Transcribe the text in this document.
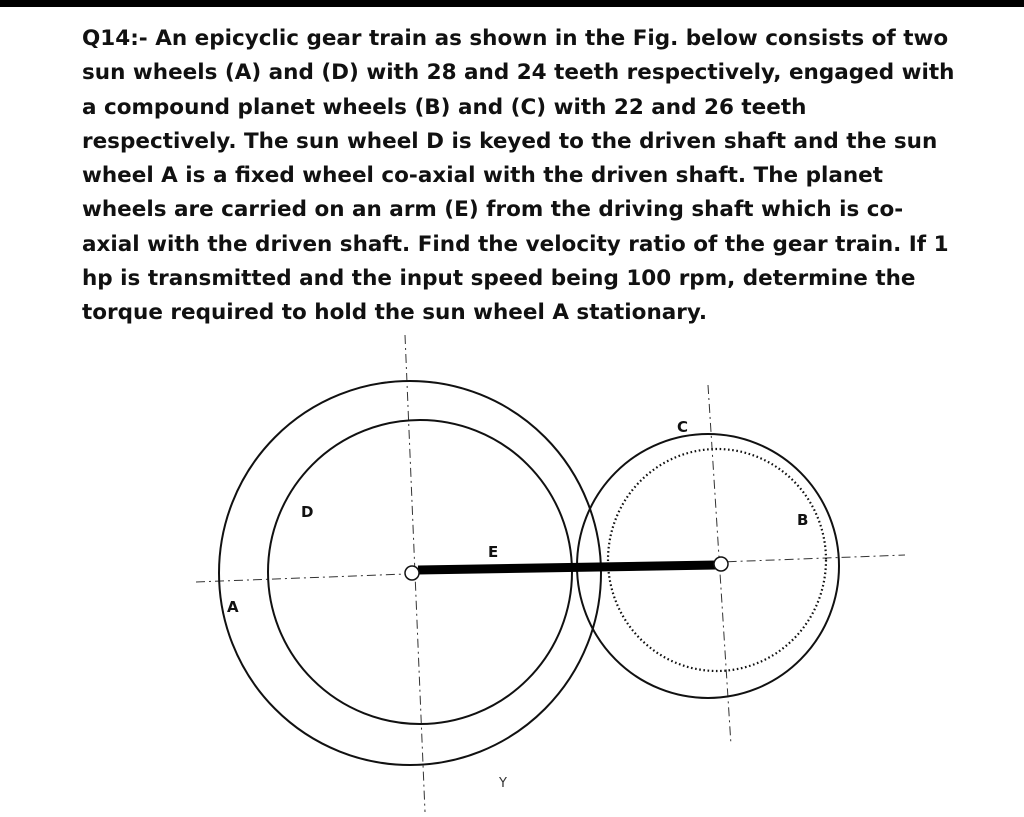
Q14:- An epicyclic gear train as shown in the Fig. below consists of two
sun wheels (A) and (D) with 28 and 24 teeth respectively, engaged with
a compound planet wheels (B) and (C) with 22 and 26 teeth
respectively. The sun wheel D is keyed to the driven shaft and the sun
wheel A is a fixed wheel co-axial with the driven shaft. The planet
wheels are carried on an arm (E) from the driving shaft which is co-
axial with the driven shaft. Find the velocity ratio of the gear train. If 1
hp is transmitted and the input speed being 100 rpm, determine the
torque required to hold the sun wheel A stationary.
A
D
E
C
B
Y
